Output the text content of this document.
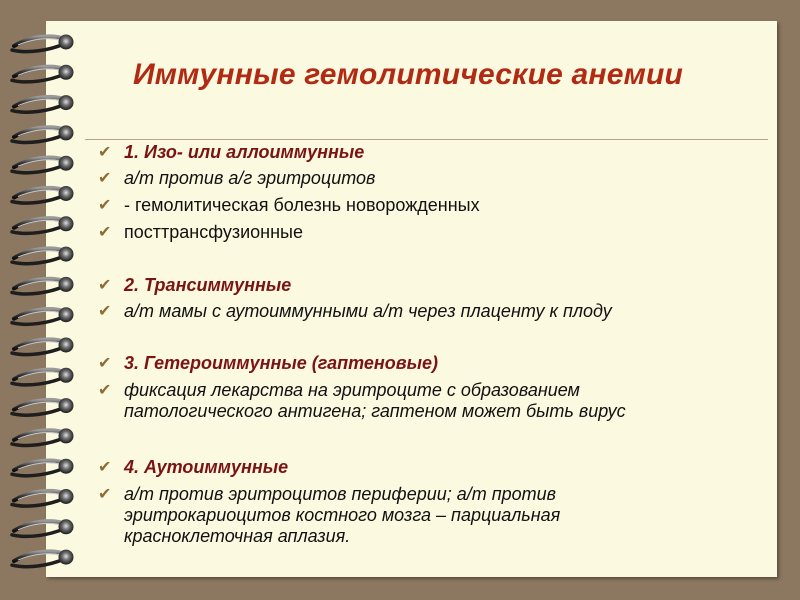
Иммунные гемолитические анемии
✔ 1. Изо- или аллоиммунные
✔ а/т против а/г эритроцитов
✔ - гемолитическая болезнь новорожденных
✔ посттрансфузионные
✔ 2. Трансиммунные
✔ а/т мамы с аутоиммунными а/т через плаценту к плоду
✔ 3. Гетероиммунные (гаптеновые)
✔ фиксация лекарства на эритроците с образованием
патологического антигена; гаптеном может быть вирус
✔ 4. Аутоиммунные
✔ а/т против эритроцитов периферии; а/т против
эритрокариоцитов костного мозга – парциальная
красноклеточная аплазия.
